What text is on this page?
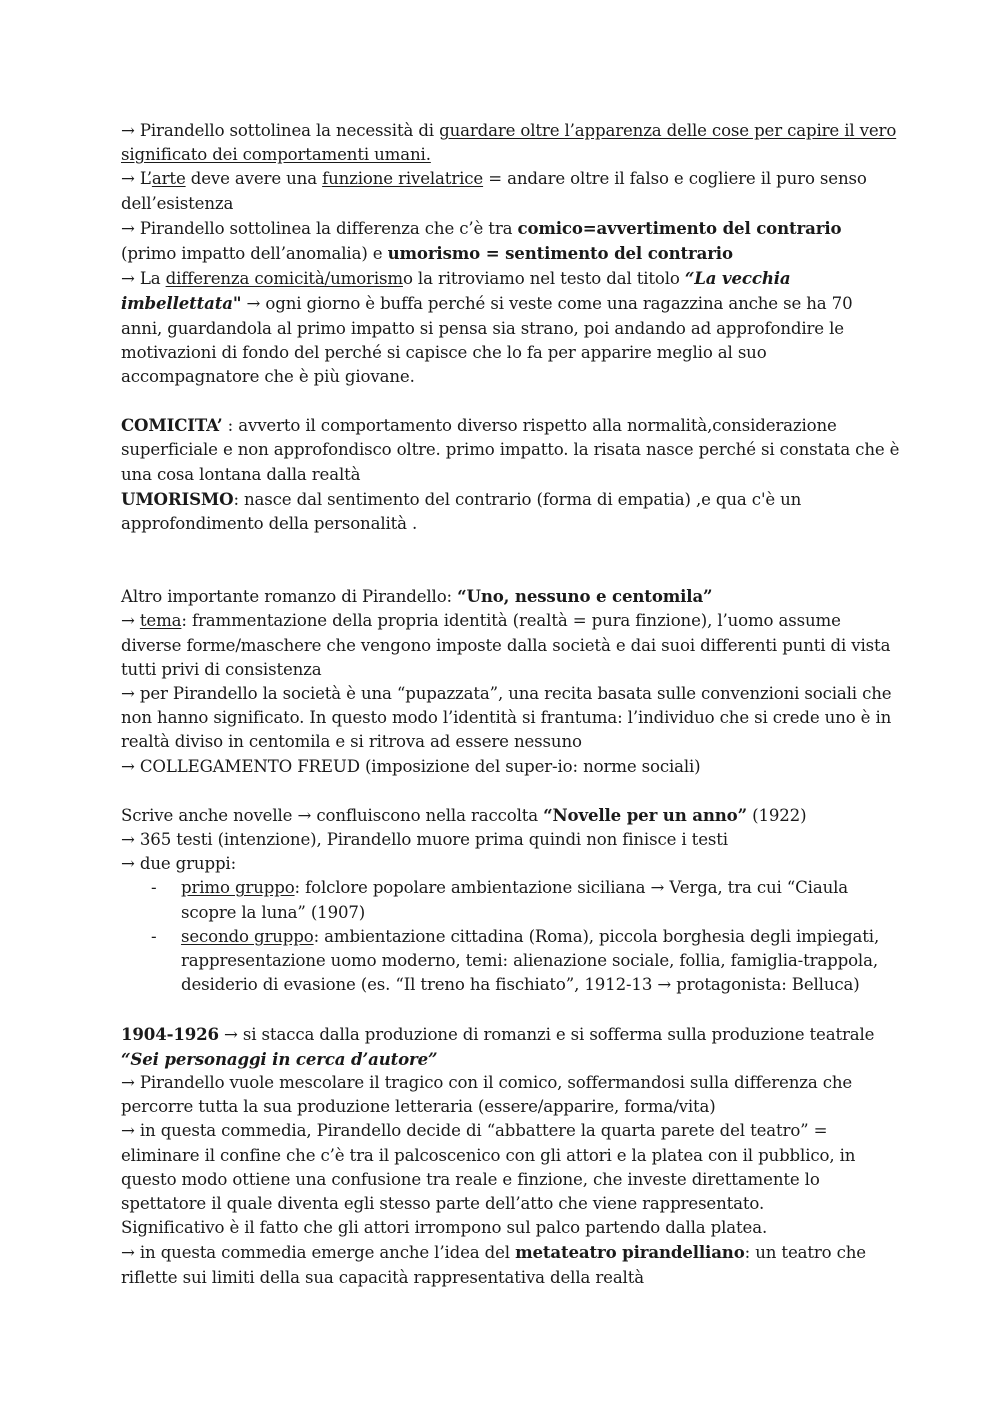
→ Pirandello sottolinea la necessità di guardare oltre l’apparenza delle cose per capire il vero
significato dei comportamenti umani.
→ L’arte deve avere una funzione rivelatrice = andare oltre il falso e cogliere il puro senso
dell’esistenza
→ Pirandello sottolinea la differenza che c’è tra comico=avvertimento del contrario
(primo impatto dell’anomalia) e umorismo = sentimento del contrario
→ La differenza comicità/umorismo la ritroviamo nel testo dal titolo “La vecchia
imbellettata" → ogni giorno è buffa perché si veste come una ragazzina anche se ha 70
anni, guardandola al primo impatto si pensa sia strano, poi andando ad approfondire le
motivazioni di fondo del perché si capisce che lo fa per apparire meglio al suo
accompagnatore che è più giovane.
COMICITA’ : avverto il comportamento diverso rispetto alla normalità,considerazione
superficiale e non approfondisco oltre. primo impatto. la risata nasce perché si constata che è
una cosa lontana dalla realtà
UMORISMO: nasce dal sentimento del contrario (forma di empatia) ,e qua c'è un
approfondimento della personalità .
Altro importante romanzo di Pirandello: “Uno, nessuno e centomila”
→ tema: frammentazione della propria identità (realtà = pura finzione), l’uomo assume
diverse forme/maschere che vengono imposte dalla società e dai suoi differenti punti di vista
tutti privi di consistenza
→ per Pirandello la società è una “pupazzata”, una recita basata sulle convenzioni sociali che
non hanno significato. In questo modo l’identità si frantuma: l’individuo che si crede uno è in
realtà diviso in centomila e si ritrova ad essere nessuno
→ COLLEGAMENTO FREUD (imposizione del super-io: norme sociali)
Scrive anche novelle → confluiscono nella raccolta “Novelle per un anno” (1922)
→ 365 testi (intenzione), Pirandello muore prima quindi non finisce i testi
→ due gruppi:
- primo gruppo: folclore popolare ambientazione siciliana → Verga, tra cui “Ciaula
scopre la luna” (1907)
- secondo gruppo: ambientazione cittadina (Roma), piccola borghesia degli impiegati,
rappresentazione uomo moderno, temi: alienazione sociale, follia, famiglia-trappola,
desiderio di evasione (es. “Il treno ha fischiato”, 1912-13 → protagonista: Belluca)
1904-1926 → si stacca dalla produzione di romanzi e si sofferma sulla produzione teatrale
“Sei personaggi in cerca d’autore”
→ Pirandello vuole mescolare il tragico con il comico, soffermandosi sulla differenza che
percorre tutta la sua produzione letteraria (essere/apparire, forma/vita)
→ in questa commedia, Pirandello decide di “abbattere la quarta parete del teatro” =
eliminare il confine che c’è tra il palcoscenico con gli attori e la platea con il pubblico, in
questo modo ottiene una confusione tra reale e finzione, che investe direttamente lo
spettatore il quale diventa egli stesso parte dell’atto che viene rappresentato.
Significativo è il fatto che gli attori irrompono sul palco partendo dalla platea.
→ in questa commedia emerge anche l’idea del metateatro pirandelliano: un teatro che
riflette sui limiti della sua capacità rappresentativa della realtà
